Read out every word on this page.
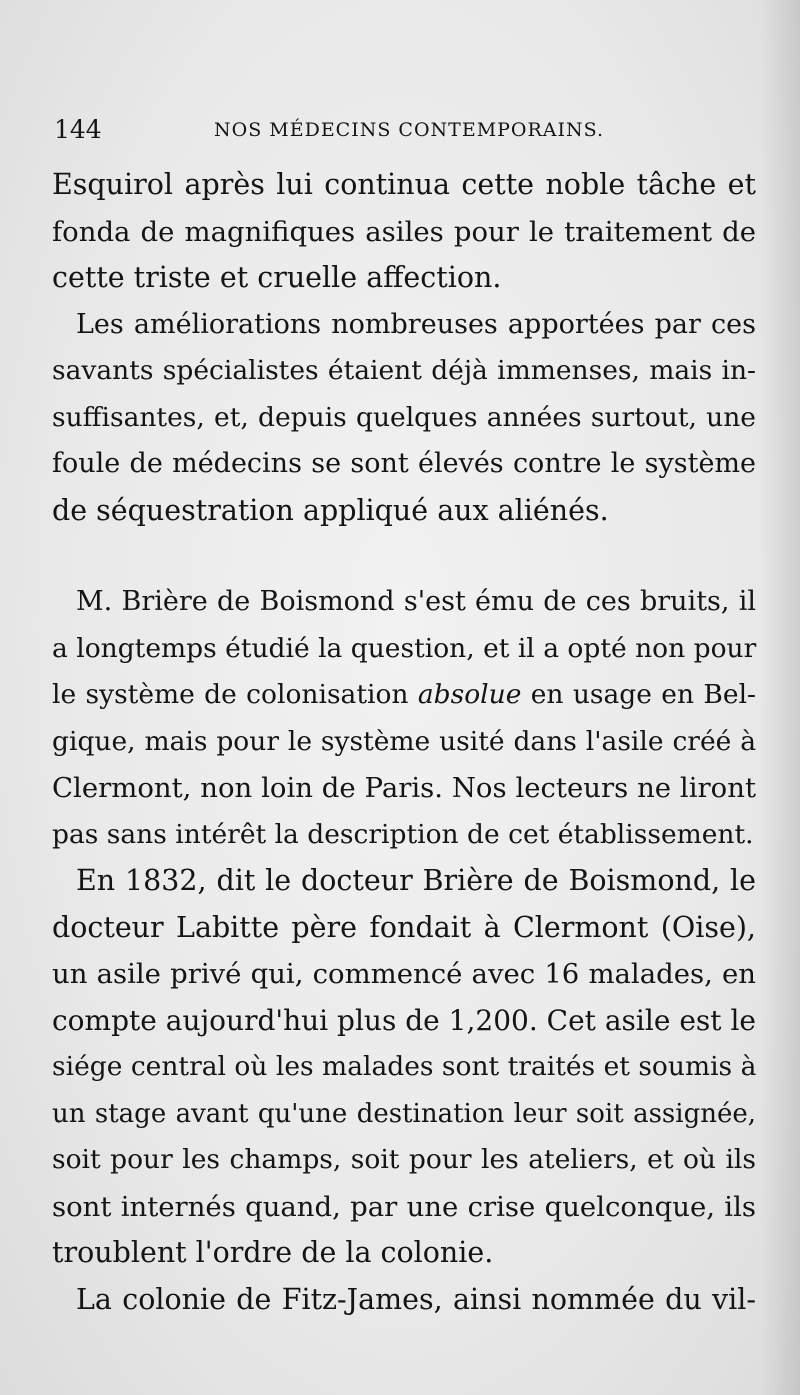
144	NOS MÉDECINS CONTEMPORAINS.
Esquirol après lui continua cette noble tâche et
fonda de magnifiques asiles pour le traitement de
cette triste et cruelle affection.
Les améliorations nombreuses apportées par ces
savants spécialistes étaient déjà immenses, mais in-
suffisantes, et, depuis quelques années surtout, une
foule de médecins se sont élevés contre le système
de séquestration appliqué aux aliénés.
M. Brière de Boismond s'est ému de ces bruits, il
a longtemps étudié la question, et il a opté non pour
le système de colonisation absolue en usage en Bel-
gique, mais pour le système usité dans l'asile créé à
Clermont, non loin de Paris. Nos lecteurs ne liront
pas sans intérêt la description de cet établissement.
En 1832, dit le docteur Brière de Boismond, le
docteur Labitte père fondait à Clermont (Oise),
un asile privé qui, commencé avec 16 malades, en
compte aujourd'hui plus de 1,200. Cet asile est le
siége central où les malades sont traités et soumis à
un stage avant qu'une destination leur soit assignée,
soit pour les champs, soit pour les ateliers, et où ils
sont internés quand, par une crise quelconque, ils
troublent l'ordre de la colonie.
La colonie de Fitz-James, ainsi nommée du vil-
